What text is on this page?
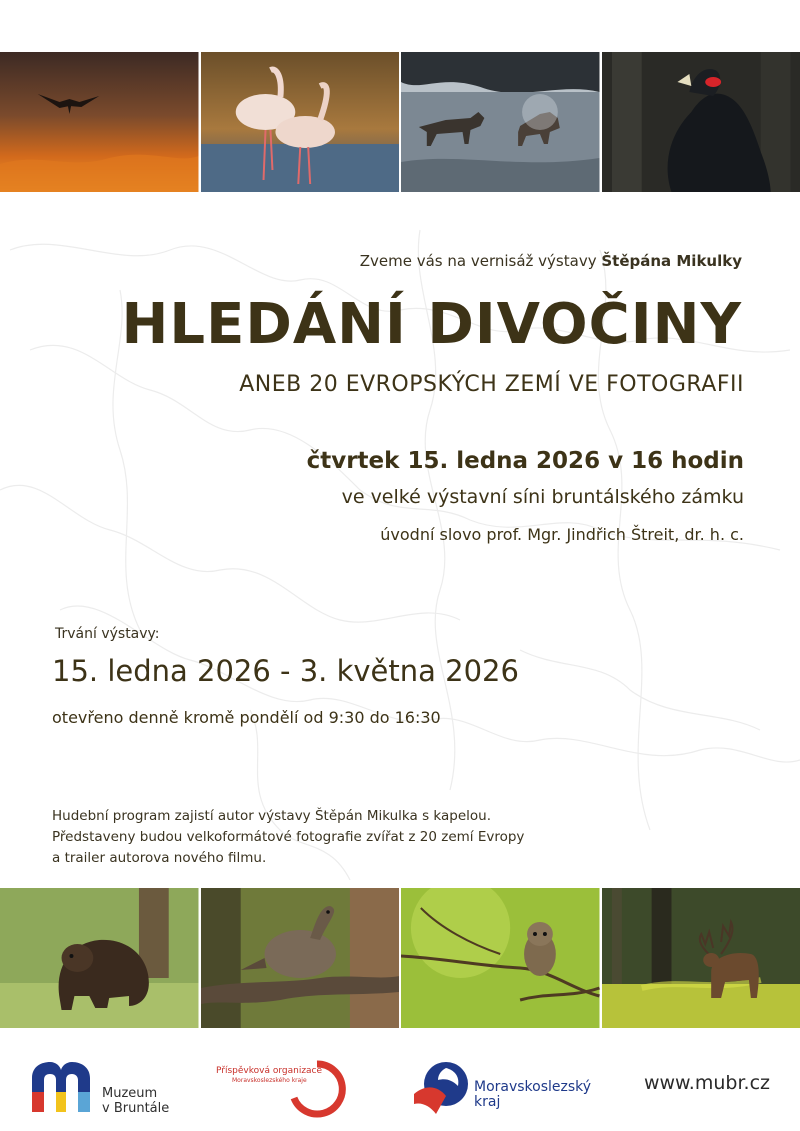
Zveme vás na vernisáž výstavy Štěpána Mikulky
HLEDÁNÍ DIVOČINY
ANEB 20 EVROPSKÝCH ZEMÍ VE FOTOGRAFII
čtvrtek 15. ledna 2026 v 16 hodin
ve velké výstavní síni bruntálského zámku
úvodní slovo prof. Mgr. Jindřich Štreit, dr. h. c.
Trvání výstavy:
15. ledna 2026 - 3. května 2026
otevřeno denně kromě pondělí od 9:30 do 16:30
Hudební program zajistí autor výstavy Štěpán Mikulka s kapelou.
Představeny budou velkoformátové fotografie zvířat z 20 zemí Evropy
a trailer autorova nového filmu.
Muzeum
v Bruntále
Příspěvková organizace
Moravskoslezského kraje	Moravskoslezský
kraj
www.mubr.cz
